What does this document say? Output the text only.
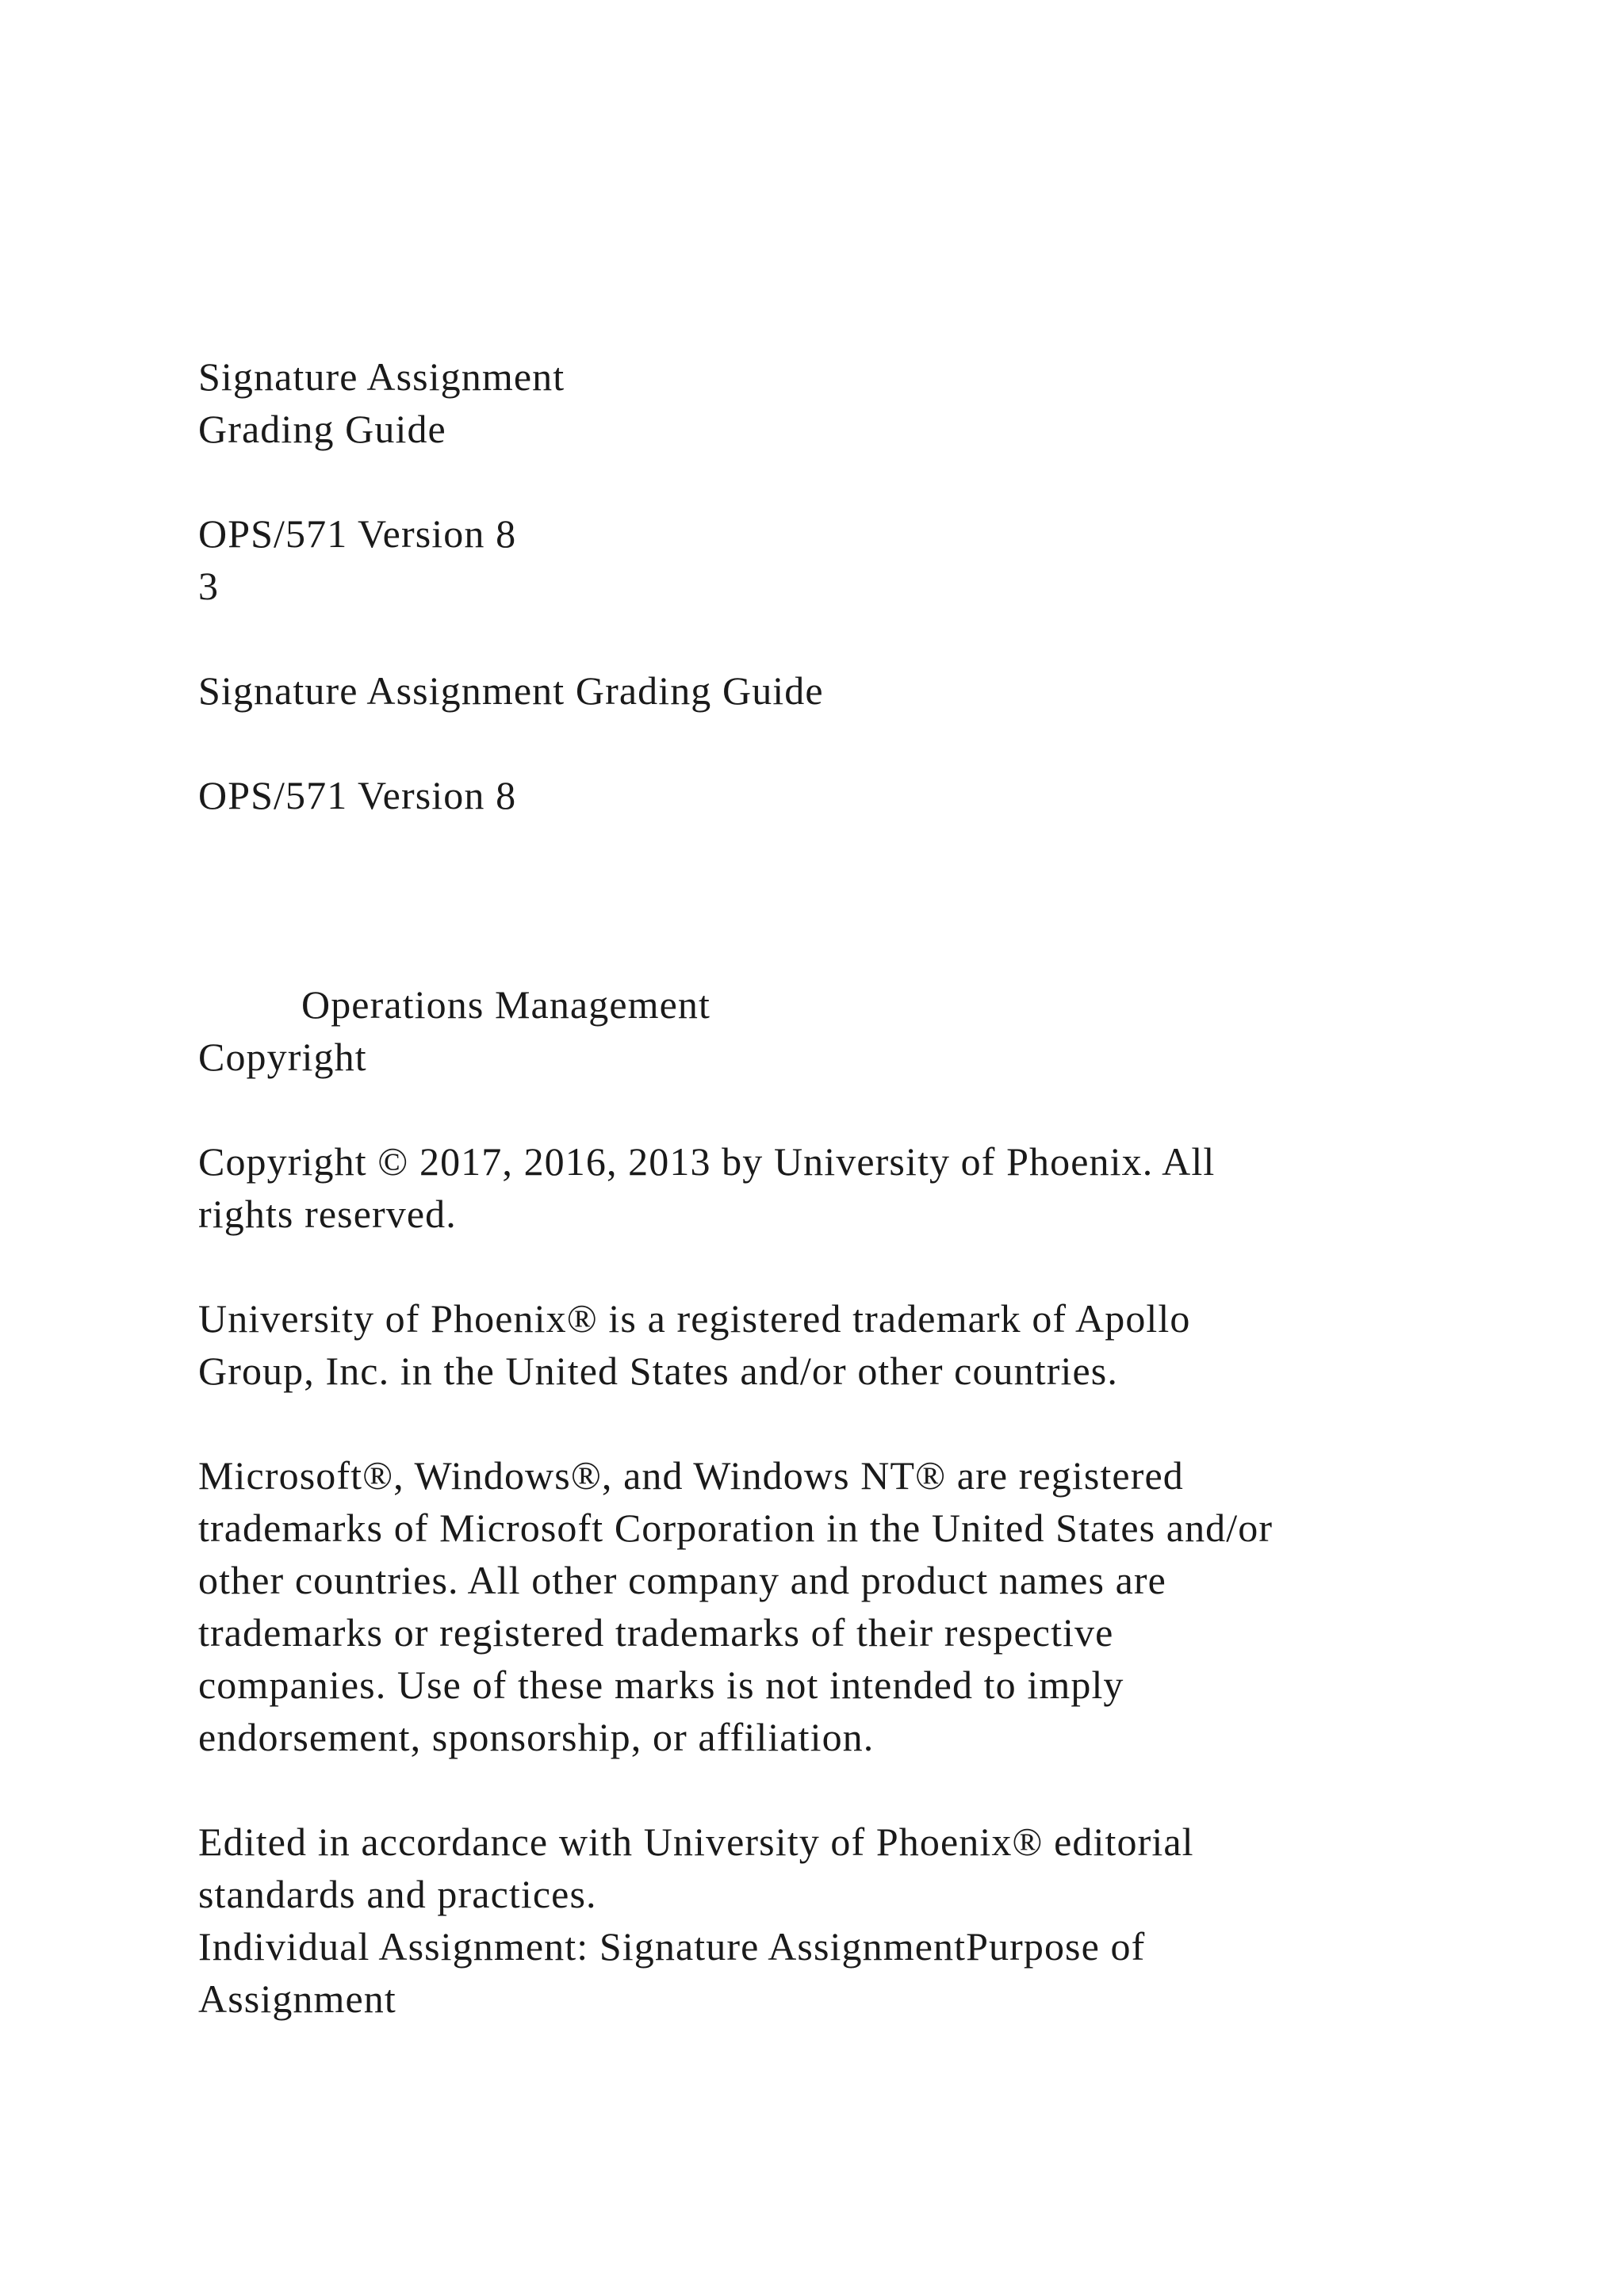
Signature Assignment
Grading Guide
OPS/571 Version 8
3
Signature Assignment Grading Guide
OPS/571 Version 8
Operations Management
Copyright
Copyright © 2017, 2016, 2013 by University of Phoenix. All
rights reserved.
University of Phoenix® is a registered trademark of Apollo
Group, Inc. in the United States and/or other countries.
Microsoft®, Windows®, and Windows NT® are registered
trademarks of Microsoft Corporation in the United States and/or
other countries. All other company and product names are
trademarks or registered trademarks of their respective
companies. Use of these marks is not intended to imply
endorsement, sponsorship, or affiliation.
Edited in accordance with University of Phoenix® editorial
standards and practices.
Individual Assignment: Signature AssignmentPurpose of
Assignment
